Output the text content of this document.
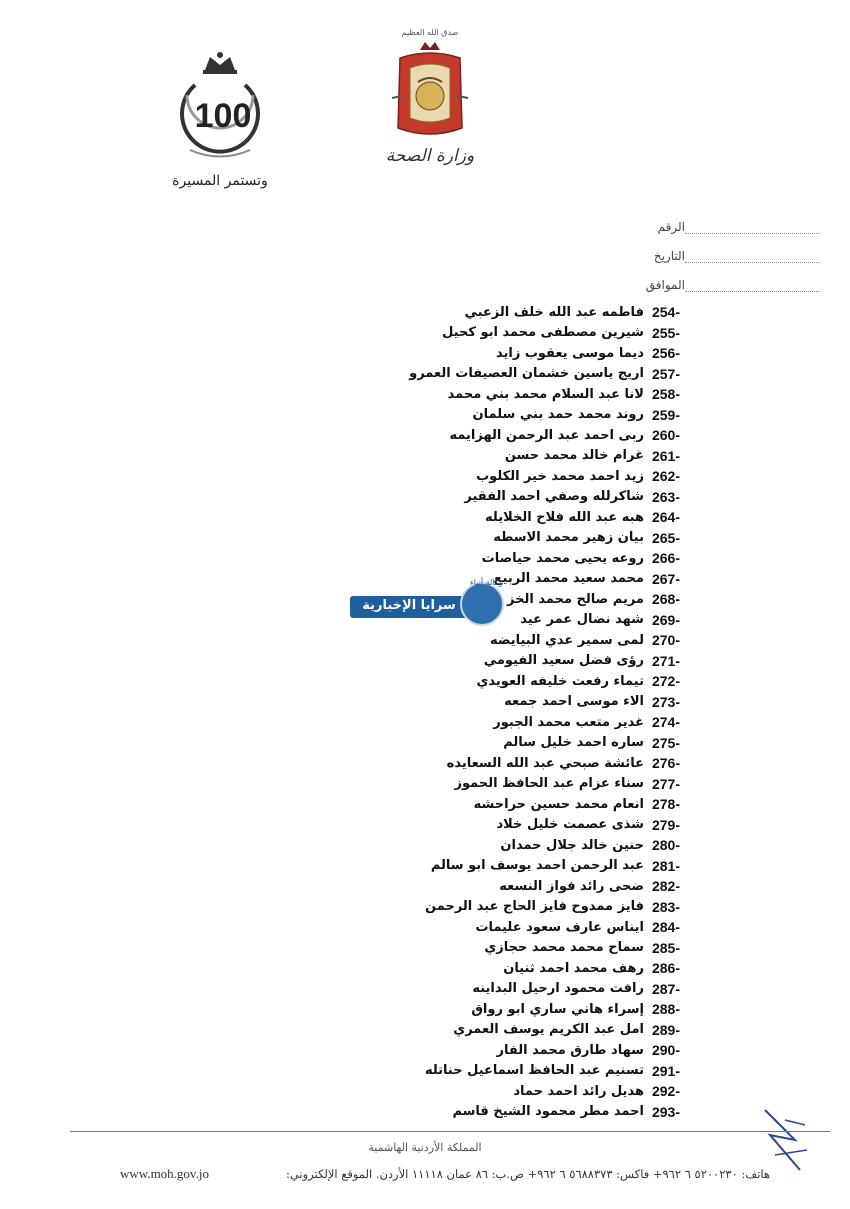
100
وتستمر المسيرة
صدق الله العظيم
وزارة الصحة
الرقم
التاريخ
الموافق
254-
فاطمه عبد الله خلف الزعبي
255-
شيرين مصطفى محمد ابو كحيل
256-
ديما موسى يعقوب زايد
257-
اريج ياسين خشمان العصيفات العمرو
258-
لانا عبد السلام محمد بني محمد
259-
روند محمد حمد بني سلمان
260-
ربى احمد عبد الرحمن الهزايمه
261-
غرام خالد محمد حسن
262-
زيد احمد محمد خير الكلوب
263-
شاكرلله وصفي احمد الفقير
264-
هبه عبد الله فلاح الخلايله
265-
بيان زهير محمد الاسطه
266-
روعه يحيى محمد حياصات
267-
محمد سعيد محمد الربيع
268-
مريم صالح محمد الخز
269-
شهد نضال عمر عيد
270-
لمى سمير عدي البيايضه
271-
رؤى فضل سعيد الفيومي
272-
تيماء رفعت خليفه العويدي
273-
الاء موسى احمد جمعه
274-
غدير متعب محمد الجبور
275-
ساره احمد خليل سالم
276-
عائشة صبحي عبد الله السعايده
277-
سناء عزام عبد الحافظ الحموز
278-
انعام محمد حسين حراحشه
279-
شذى عصمت خليل خلاد
280-
حنين خالد جلال حمدان
281-
عبد الرحمن احمد يوسف ابو سالم
282-
ضحى رائد فواز النسعه
283-
فايز ممدوح فايز الحاج عبد الرحمن
284-
ايناس عارف سعود عليمات
285-
سماح محمد محمد حجازي
286-
رهف محمد احمد ثنيان
287-
رافت محمود ارحيل البداينه
288-
إسراء هاني ساري ابو رواق
289-
امل عبد الكريم يوسف العمري
290-
سهاد طارق محمد الفار
291-
تسنيم عبد الحافظ اسماعيل حناتله
292-
هديل رائد احمد حماد
293-
احمد مطر محمود الشيخ قاسم
سرايا الإخبارية
وكالة أنباء
المملكة الأردنية الهاشمية
www.moh.gov.jo	هاتف: ٥٢٠٠٢٣٠ ٦ ٩٦٢+ فاكس: ٥٦٨٨٣٧٣ ٦ ٩٦٢+ ص.ب: ٨٦ عمان ١١١١٨ الأردن. الموقع الإلكتروني:
